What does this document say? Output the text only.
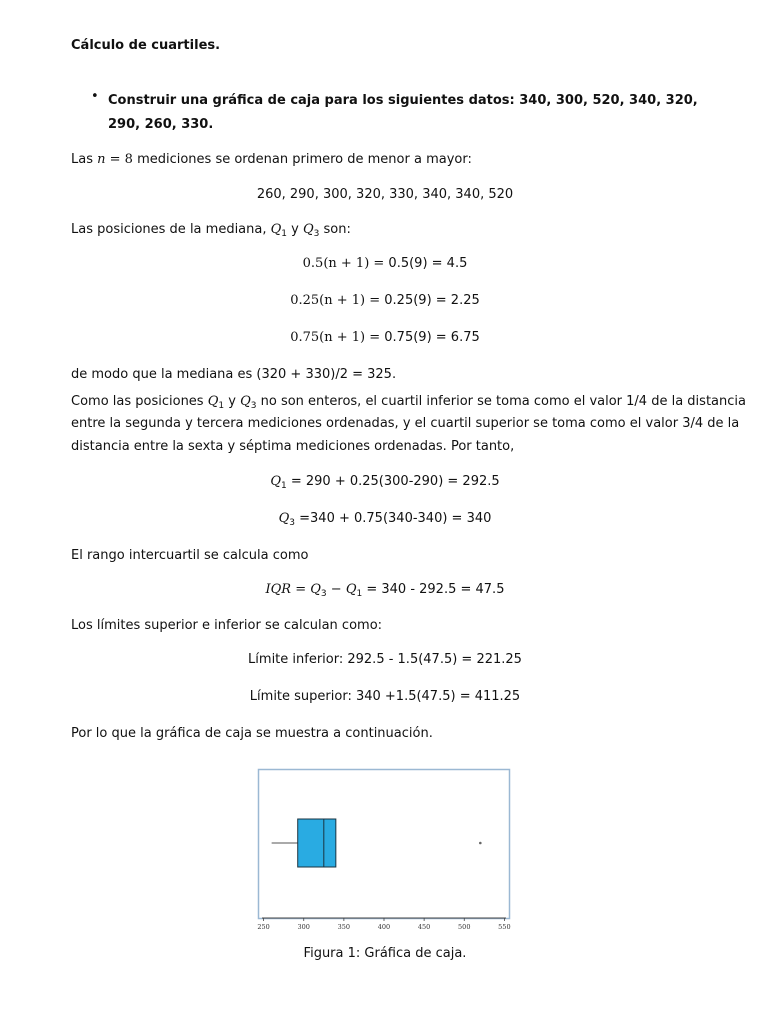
Cálculo de cuartiles.
• Construir una gráfica de caja para los siguientes datos: 340, 300, 520, 340, 320, 290, 260, 330.
Las n = 8 mediciones se ordenan primero de menor a mayor:
260, 290, 300, 320, 330, 340, 340, 520
Las posiciones de la mediana, $Q_1$ y $Q_3$ son:
0.5(n + 1) = 0.5(9) = 4.5
0.25(n + 1) = 0.25(9) = 2.25
0.75(n + 1) = 0.75(9) = 6.75
de modo que la mediana es (320 + 330)/2 = 325.
Como las posiciones $Q_1$ y $Q_3$ no son enteros, el cuartil inferior se toma como el valor 1/4 de la distancia
entre la segunda y tercera mediciones ordenadas, y el cuartil superior se toma como el valor 3/4 de la
distancia entre la sexta y séptima mediciones ordenadas. Por tanto,
$Q_1 = 290 + 0.25(300-290) = 292.5$
$Q_3 =340 + 0.75(340-340) = 340$
El rango intercuartil se calcula como
IQR = $Q_3 - Q_1 = 340 - 292.5 = 47.5$
Los límites superior e inferior se calculan como:
Límite inferior: 292.5 - 1.5(47.5) = 221.25
Límite superior: 340 +1.5(47.5) = 411.25
Por lo que la gráfica de caja se muestra a continuación.
Figura 1: Gráfica de caja.
250	300	350	400	450	500	550
